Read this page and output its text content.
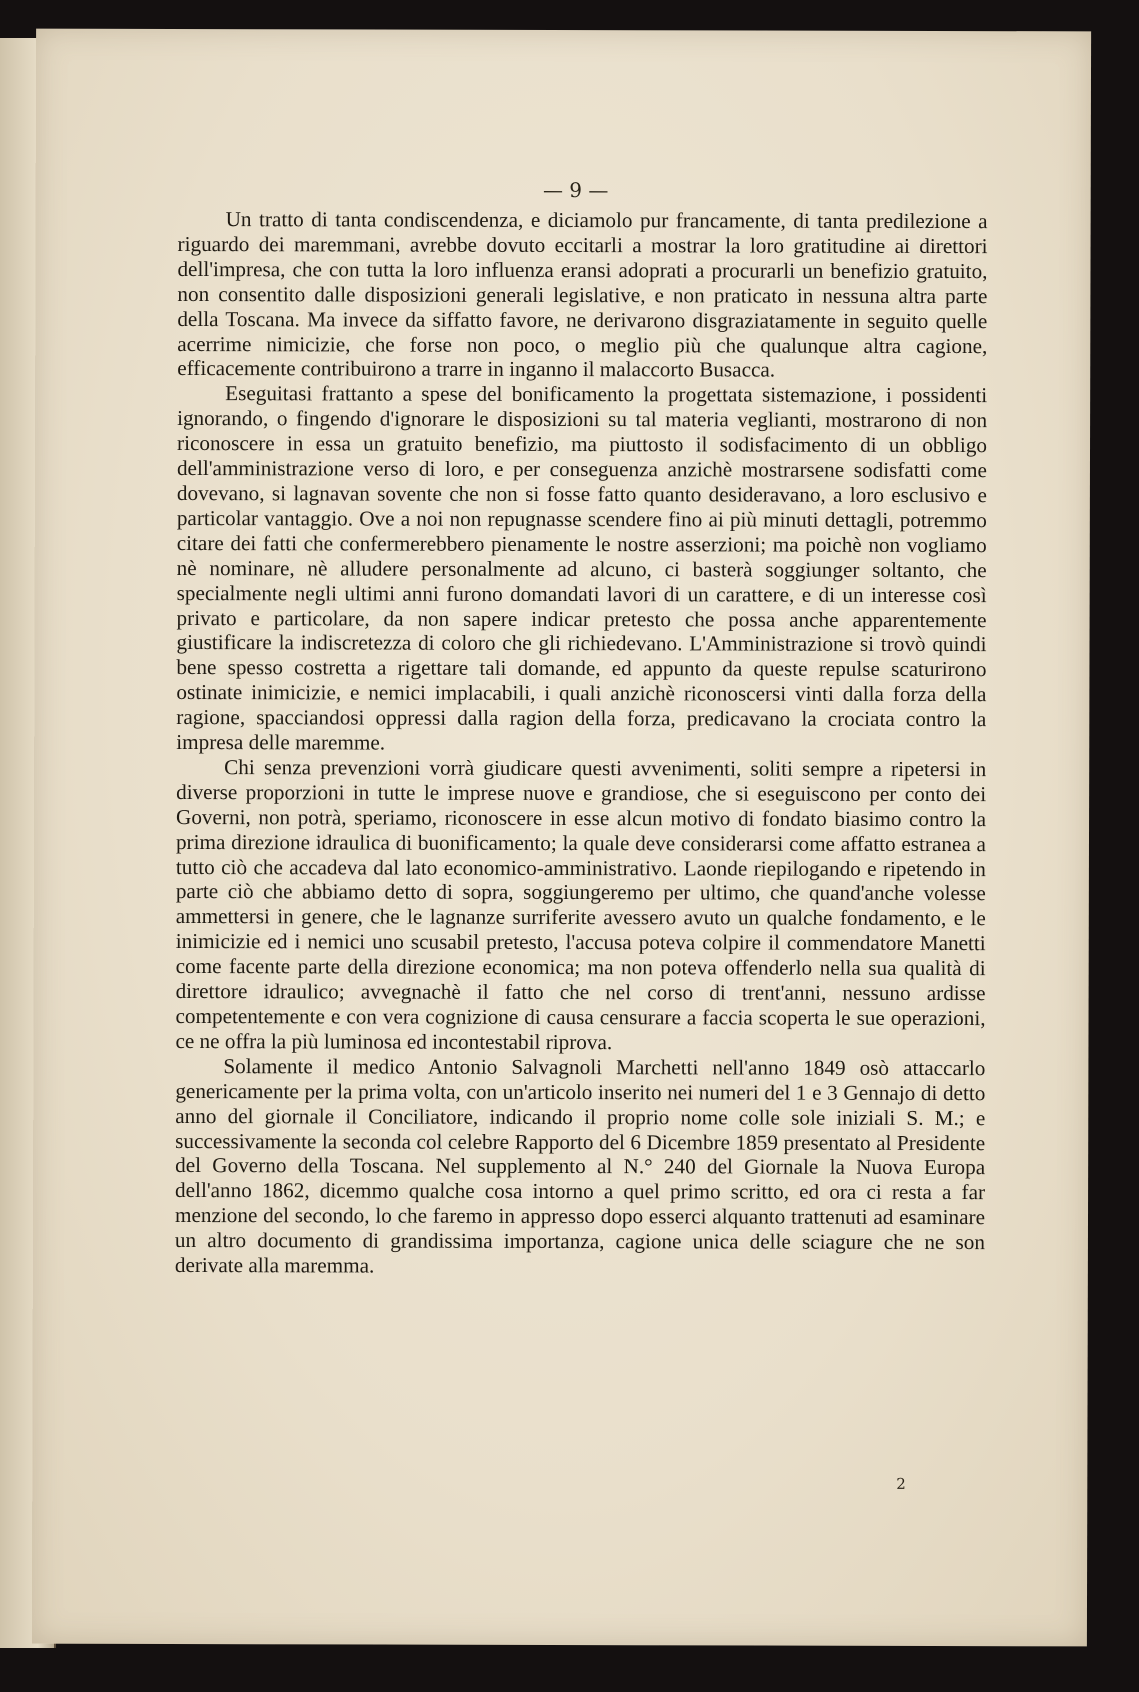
— 9 —

Un tratto di tanta condiscendenza, e diciamolo pur francamente, di tanta predilezione a riguardo dei maremmani, avrebbe dovuto eccitarli a mostrar la loro gratitudine ai direttori dell'impresa, che con tutta la loro influenza eransi adoprati a procurarli un benefizio gratuito, non consentito dalle disposizioni generali legislative, e non praticato in nessuna altra parte della Toscana. Ma invece da siffatto favore, ne derivarono disgraziatamente in seguito quelle acerrime nimicizie, che forse non poco, o meglio più che qualunque altra cagione, efficacemente contribuirono a trarre in inganno il malaccorto Busacca.

Eseguitasi frattanto a spese del bonificamento la progettata sistemazione, i possidenti ignorando, o fingendo d'ignorare le disposizioni su tal materia veglianti, mostrarono di non riconoscere in essa un gratuito benefizio, ma piuttosto il sodisfacimento di un obbligo dell'amministrazione verso di loro, e per conseguenza anzichè mostrarsene sodisfatti come dovevano, si lagnavan sovente che non si fosse fatto quanto desideravano, a loro esclusivo e particolar vantaggio. Ove a noi non repugnasse scendere fino ai più minuti dettagli, potremmo citare dei fatti che confermerebbero pienamente le nostre asserzioni; ma poichè non vogliamo nè nominare, nè alludere personalmente ad alcuno, ci basterà soggiunger soltanto, che specialmente negli ultimi anni furono domandati lavori di un carattere, e di un interesse così privato e particolare, da non sapere indicar pretesto che possa anche apparentemente giustificare la indiscretezza di coloro che gli richiedevano. L'Amministrazione si trovò quindi bene spesso costretta a rigettare tali domande, ed appunto da queste repulse scaturirono ostinate inimicizie, e nemici implacabili, i quali anzichè riconoscersi vinti dalla forza della ragione, spacciandosi oppressi dalla ragion della forza, predicavano la crociata contro la impresa delle maremme.

Chi senza prevenzioni vorrà giudicare questi avvenimenti, soliti sempre a ripetersi in diverse proporzioni in tutte le imprese nuove e grandiose, che si eseguiscono per conto dei Governi, non potrà, speriamo, riconoscere in esse alcun motivo di fondato biasimo contro la prima direzione idraulica di buonificamento; la quale deve considerarsi come affatto estranea a tutto ciò che accadeva dal lato economico-amministrativo. Laonde riepilogando e ripetendo in parte ciò che abbiamo detto di sopra, soggiungeremo per ultimo, che quand'anche volesse ammettersi in genere, che le lagnanze surriferite avessero avuto un qualche fondamento, e le inimicizie ed i nemici uno scusabil pretesto, l'accusa poteva colpire il commendatore Manetti come facente parte della direzione economica; ma non poteva offenderlo nella sua qualità di direttore idraulico; avvegnachè il fatto che nel corso di trent'anni, nessuno ardisse competentemente e con vera cognizione di causa censurare a faccia scoperta le sue operazioni, ce ne offra la più luminosa ed incontestabil riprova.

Solamente il medico Antonio Salvagnoli Marchetti nell'anno 1849 osò attaccarlo genericamente per la prima volta, con un'articolo inserito nei numeri del 1 e 3 Gennajo di detto anno del giornale il Conciliatore, indicando il proprio nome colle sole iniziali S. M.; e successivamente la seconda col celebre Rapporto del 6 Dicembre 1859 presentato al Presidente del Governo della Toscana. Nel supplemento al N.° 240 del Giornale la Nuova Europa dell'anno 1862, dicemmo qualche cosa intorno a quel primo scritto, ed ora ci resta a far menzione del secondo, lo che faremo in appresso dopo esserci alquanto trattenuti ad esaminare un altro documento di grandissima importanza, cagione unica delle sciagure che ne son derivate alla maremma.

2
